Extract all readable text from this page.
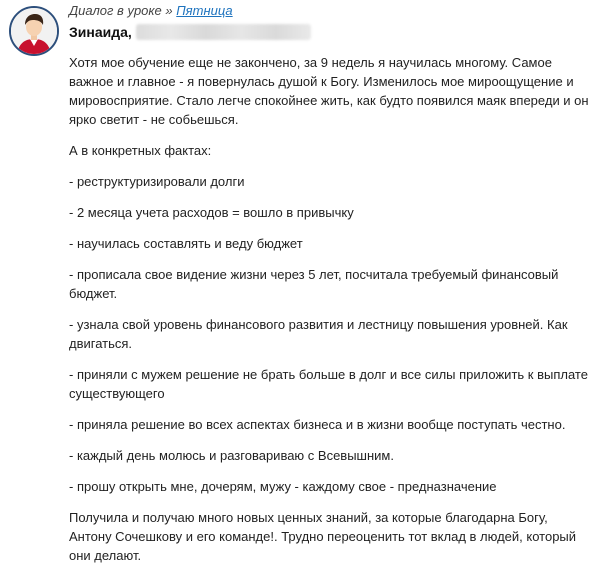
Диалог в уроке » Пятница
Зинаида,

Хотя мое обучение еще не закончено, за 9 недель я научилась многому. Самое важное и главное - я повернулась душой к Богу. Изменилось мое мироощущение и мировосприятие. Стало легче спокойнее жить, как будто появился маяк впереди и он ярко светит - не собьешься.

А в конкретных фактах:

- реструктуризировали долги

- 2 месяца учета расходов = вошло в привычку

- научилась составлять и веду бюджет

- прописала свое видение жизни через 5 лет, посчитала требуемый финансовый бюджет.

- узнала свой уровень финансового развития и лестницу повышения уровней. Как двигаться.

- приняли с мужем решение не брать больше в долг и все силы приложить к выплате существующего

- приняла решение во всех аспектах бизнеса и в жизни вообще поступать честно.

- каждый день молюсь и разговариваю с Всевышним.

- прошу открыть мне, дочерям, мужу - каждому свое - предназначение

Получила и получаю много новых ценных знаний, за которые благодарна Богу, Антону Сочешкову и его команде!. Трудно переоценить тот вклад в людей, который они делают.
